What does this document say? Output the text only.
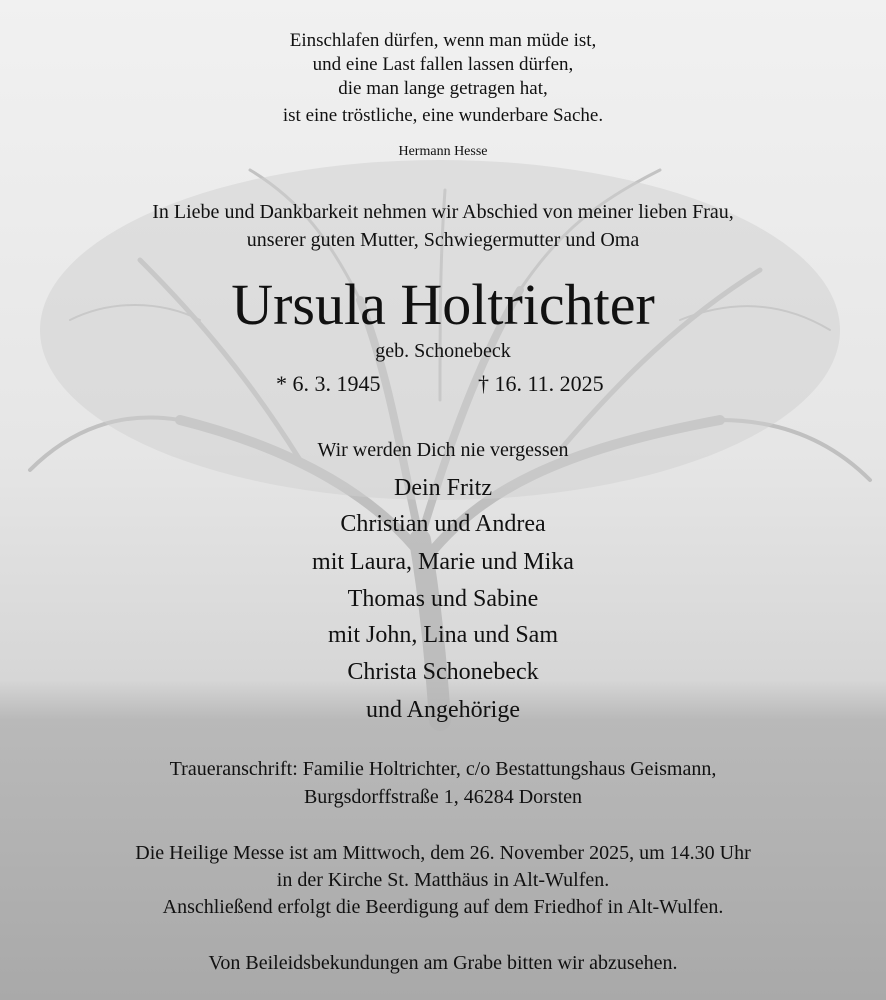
Einschlafen dürfen, wenn man müde ist,
und eine Last fallen lassen dürfen,
die man lange getragen hat,
ist eine tröstliche, eine wunderbare Sache.
Hermann Hesse
In Liebe und Dankbarkeit nehmen wir Abschied von meiner lieben Frau,
unserer guten Mutter, Schwiegermutter und Oma
Ursula Holtrichter
geb. Schonebeck
* 6. 3. 1945	† 16. 11. 2025
Wir werden Dich nie vergessen
Dein Fritz
Christian und Andrea
mit Laura, Marie und Mika
Thomas und Sabine
mit John, Lina und Sam
Christa Schonebeck
und Angehörige
Traueranschrift: Familie Holtrichter, c/o Bestattungshaus Geismann,
Burgsdorffstraße 1, 46284 Dorsten
Die Heilige Messe ist am Mittwoch, dem 26. November 2025, um 14.30 Uhr
in der Kirche St. Matthäus in Alt-Wulfen.
Anschließend erfolgt die Beerdigung auf dem Friedhof in Alt-Wulfen.
Von Beileidsbekundungen am Grabe bitten wir abzusehen.
